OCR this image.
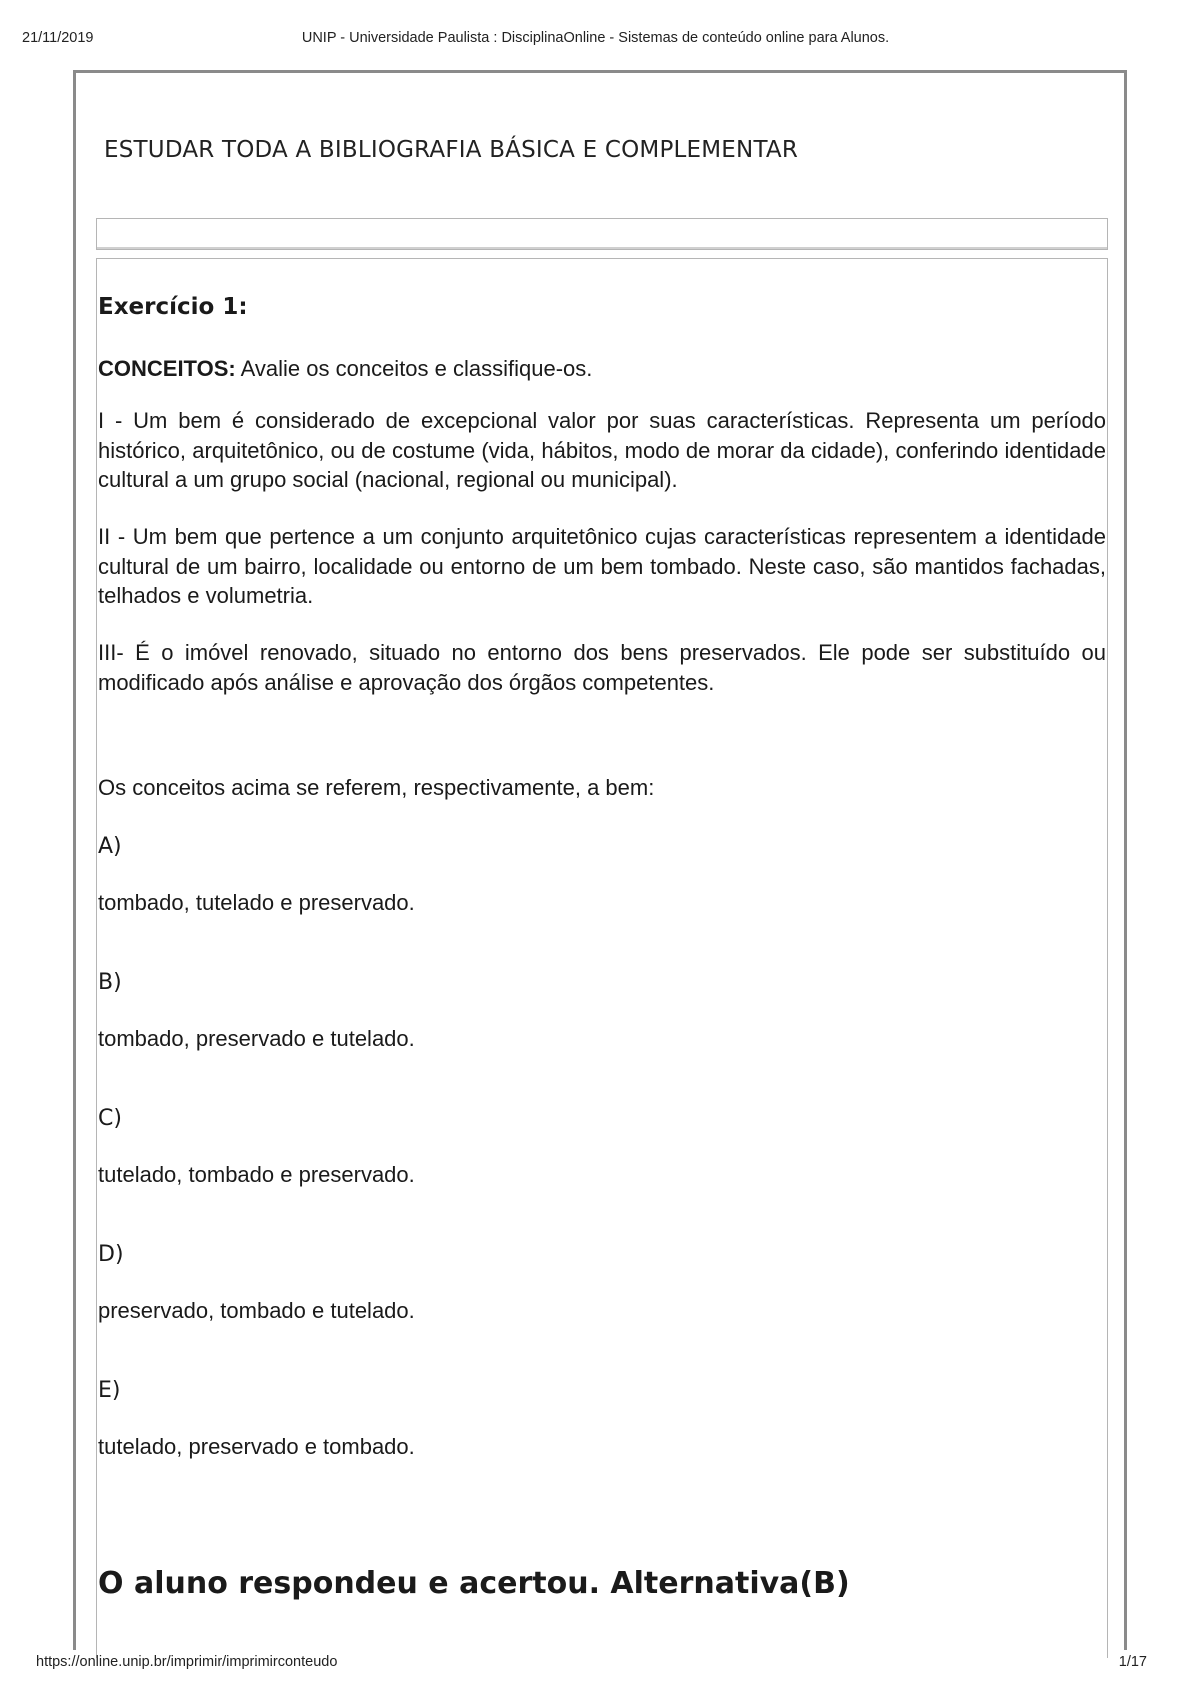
21/11/2019	UNIP - Universidade Paulista : DisciplinaOnline - Sistemas de conteúdo online para Alunos.
ESTUDAR TODA A BIBLIOGRAFIA BÁSICA E COMPLEMENTAR
Exercício 1:
CONCEITOS: Avalie os conceitos e classifique-os.
I - Um bem é considerado de excepcional valor por suas características. Representa um período histórico, arquitetônico, ou de costume (vida, hábitos, modo de morar da cidade), conferindo identidade cultural a um grupo social (nacional, regional ou municipal).
II - Um bem que pertence a um conjunto arquitetônico cujas características representem a identidade cultural de um bairro, localidade ou entorno de um bem tombado. Neste caso, são mantidos fachadas, telhados e volumetria.
III- É o imóvel renovado, situado no entorno dos bens preservados. Ele pode ser substituído ou modificado após análise e aprovação dos órgãos competentes.
Os conceitos acima se referem, respectivamente, a bem:
A)
tombado, tutelado e preservado.
B)
tombado, preservado e tutelado.
C)
tutelado, tombado e preservado.
D)
preservado, tombado e tutelado.
E)
tutelado, preservado e tombado.
O aluno respondeu e acertou. Alternativa(B)
https://online.unip.br/imprimir/imprimirconteudo	1/17
